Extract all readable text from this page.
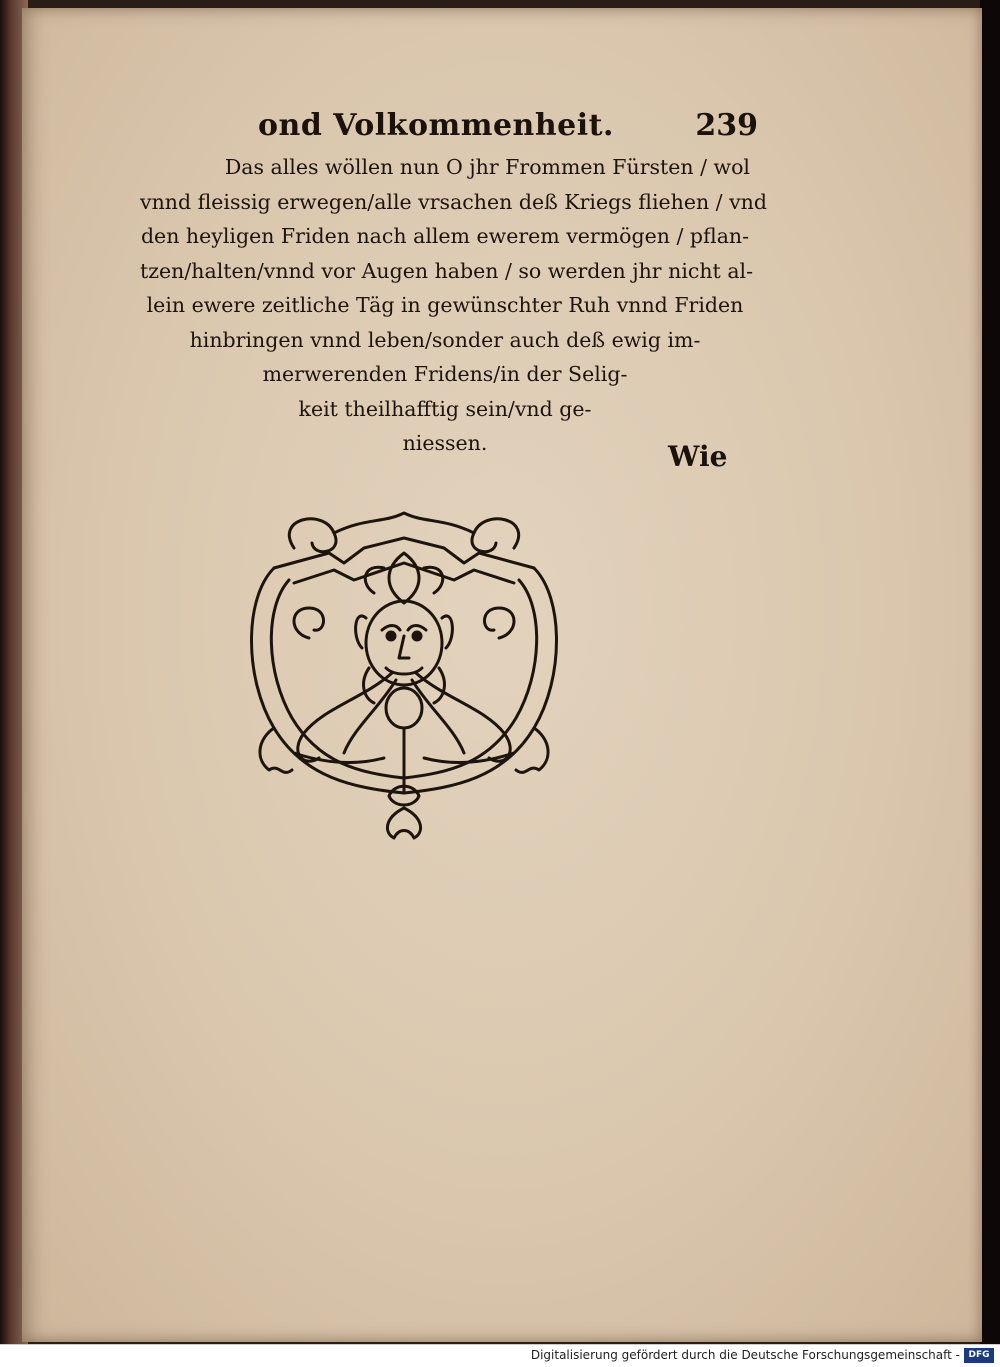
ond Volkommenheit.	239
Das alles wöllen nun O jhr Frommen Fürsten / wol
vnnd fleissig erwegen/alle vrsachen deß Kriegs fliehen / vnd
den heyligen Friden nach allem ewerem vermögen / pflan-
tzen/halten/vnnd vor Augen haben / so werden jhr nicht al-
lein ewere zeitliche Täg in gewünschter Ruh vnnd Friden
hinbringen vnnd leben/sonder auch deß ewig im-
merwerenden Fridens/in der Selig-
keit theilhafftig sein/vnd ge-
niessen.	Wie
Digitalisierung gefördert durch die Deutsche Forschungsgemeinschaft - DFG
